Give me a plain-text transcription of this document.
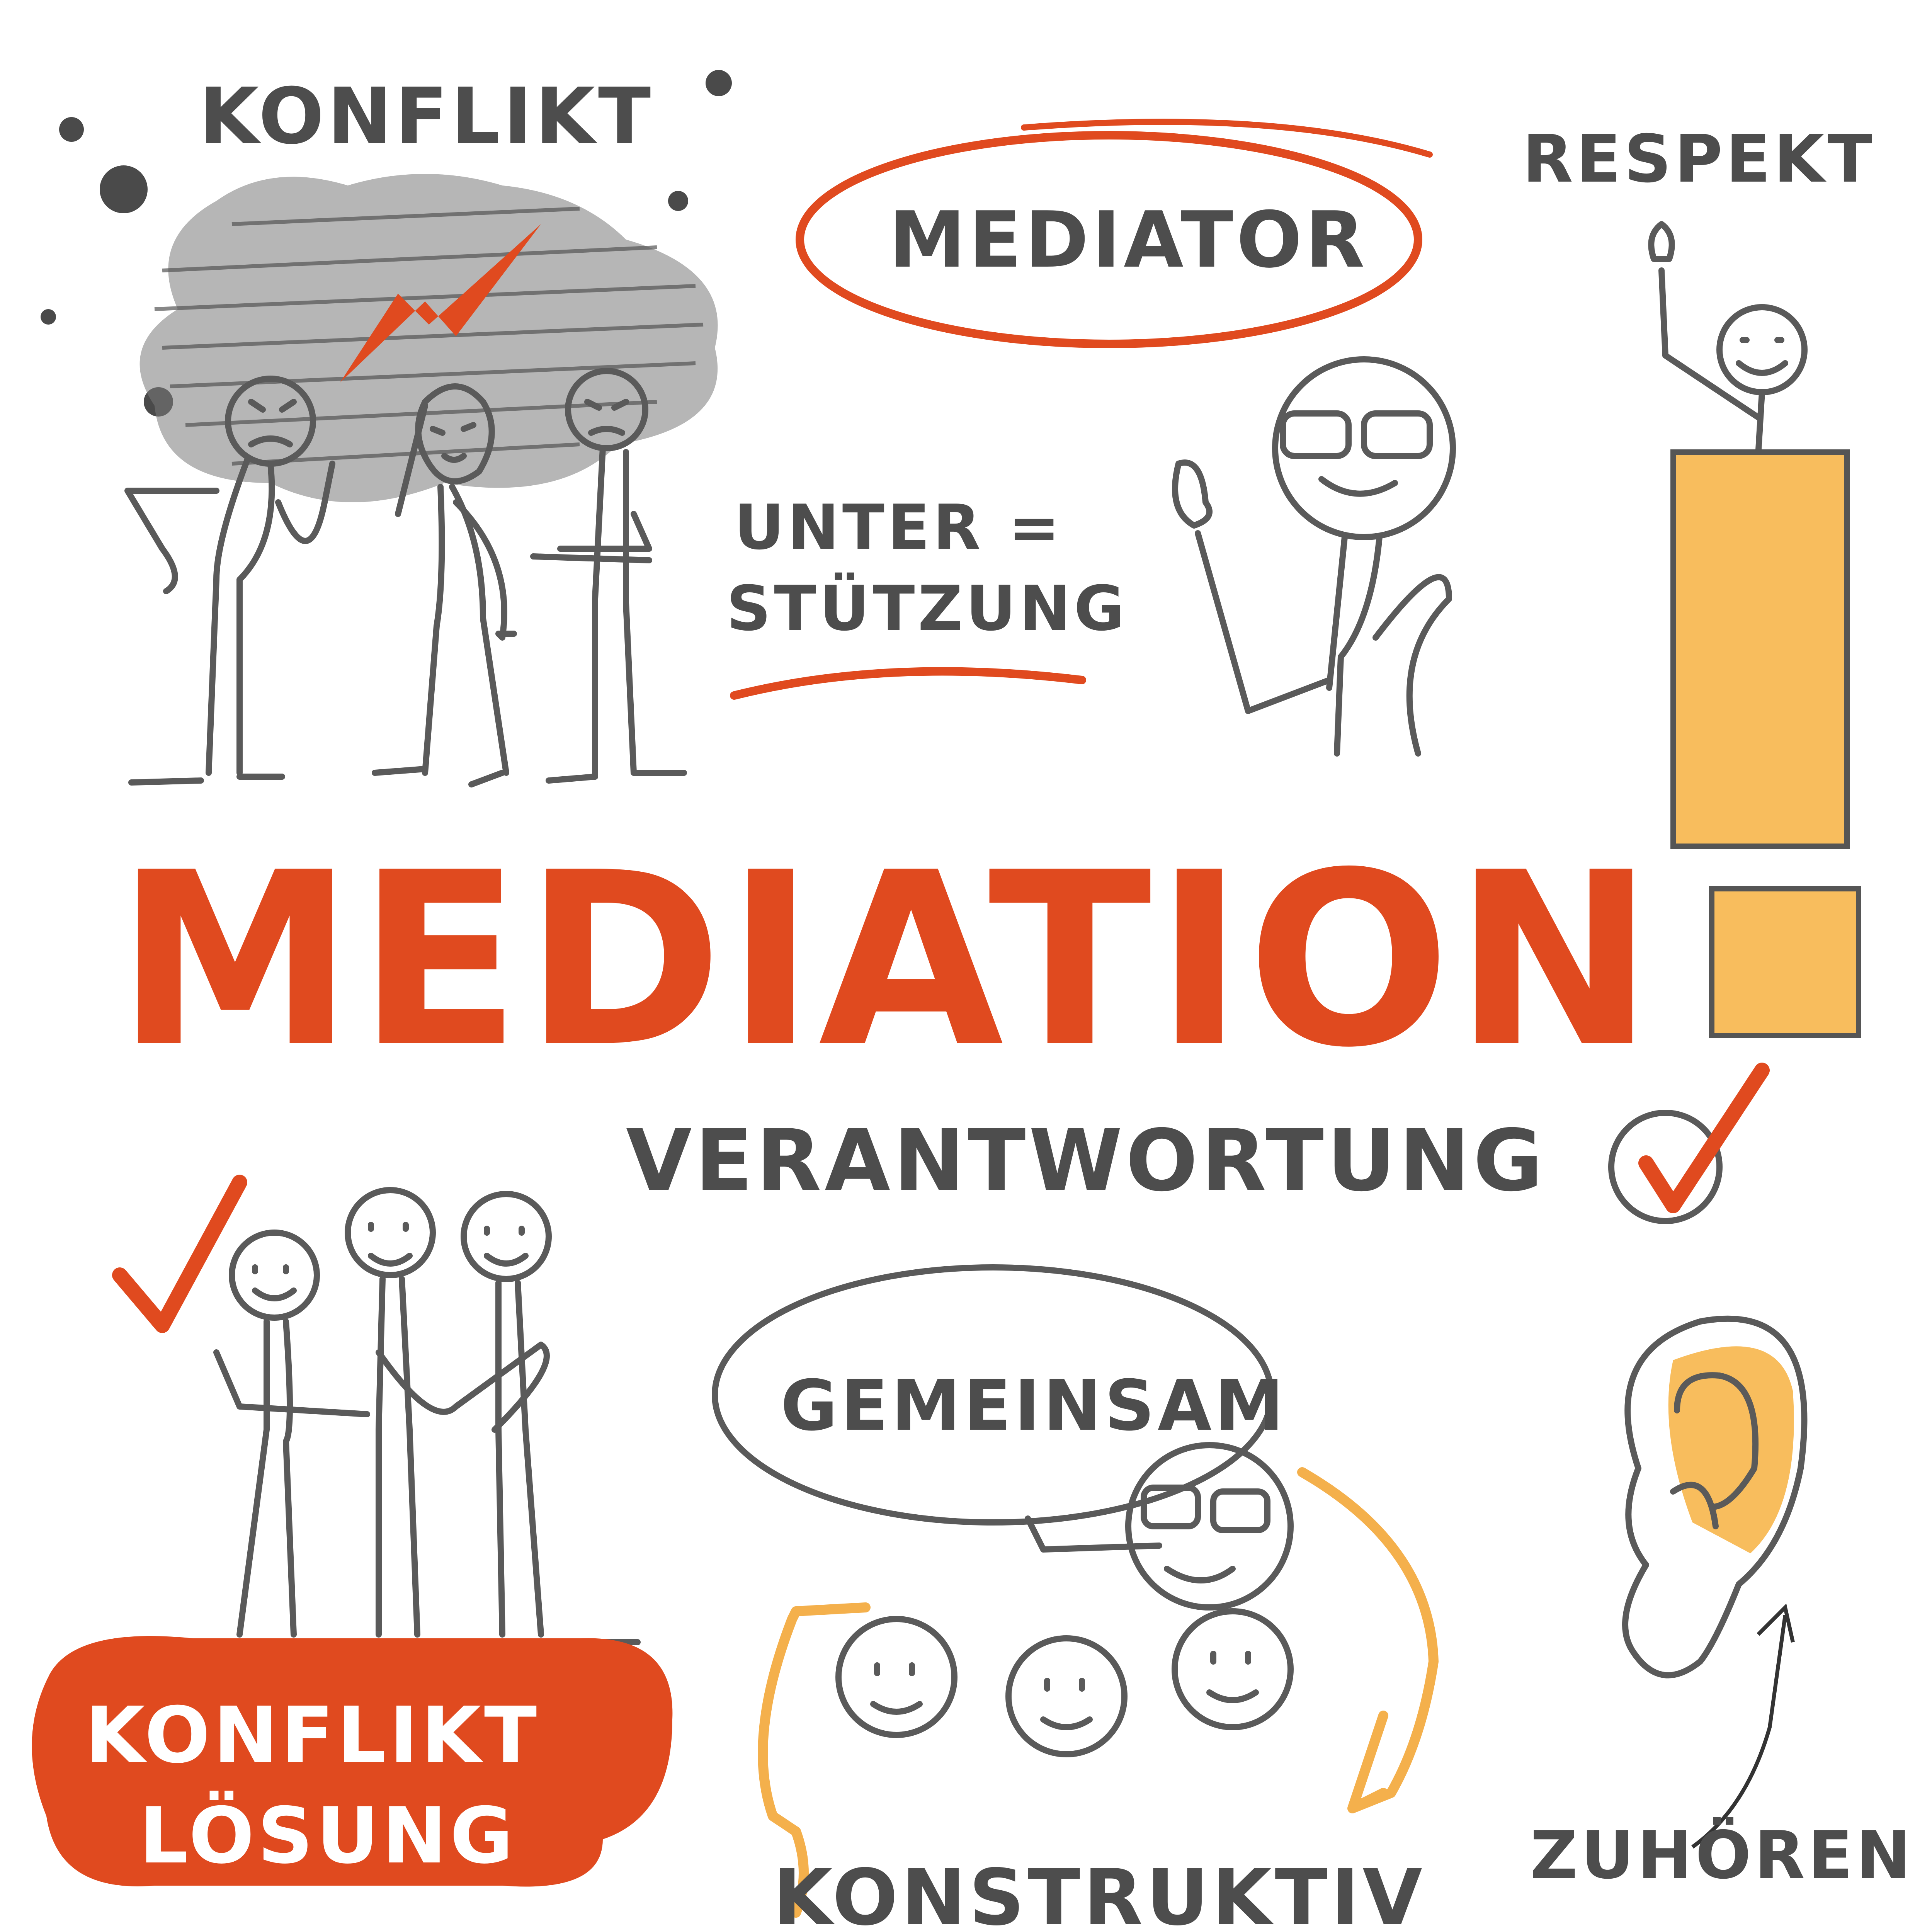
KONFLIKT
MEDIATOR
RESPEKT
UNTER =
STÜTZUNG
MEDIATION
VERANTWORTUNG
KONFLIKT
LÖSUNG
GEMEINSAM
KONSTRUKTIV ZUHÖREN
